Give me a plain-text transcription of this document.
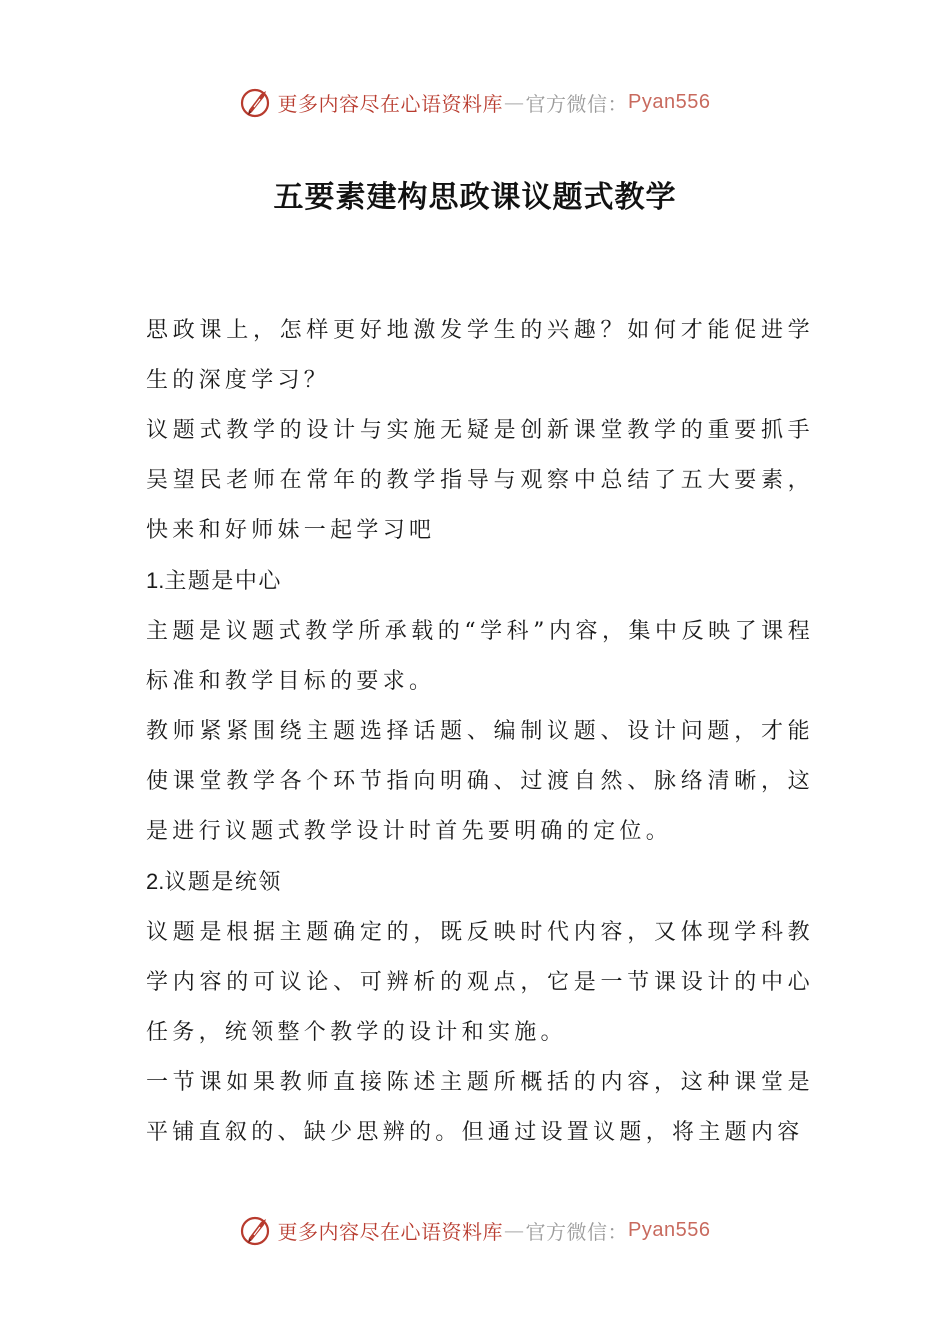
更多内容尽在心语资料库 — 官方微信： Pyan556
五要素建构思政课议题式教学

思政课上，怎样更好地激发学生的兴趣？如何才能促进学生的深度学习？

议题式教学的设计与实施无疑是创新课堂教学的重要抓手吴望民老师在常年的教学指导与观察中总结了五大要素，快来和好师妹一起学习吧

1.主题是中心

主题是议题式教学所承载的“学科”内容，集中反映了课程标准和教学目标的要求。

教师紧紧围绕主题选择话题、编制议题、设计问题，才能使课堂教学各个环节指向明确、过渡自然、脉络清晰，这是进行议题式教学设计时首先要明确的定位。

2.议题是统领

议题是根据主题确定的，既反映时代内容，又体现学科教学内容的可议论、可辨析的观点，它是一节课设计的中心任务，统领整个教学的设计和实施。

一节课如果教师直接陈述主题所概括的内容，这种课堂是平铺直叙的、缺少思辨的。但通过设置议题，将主题内容

更多内容尽在心语资料库 — 官方微信： Pyan556
